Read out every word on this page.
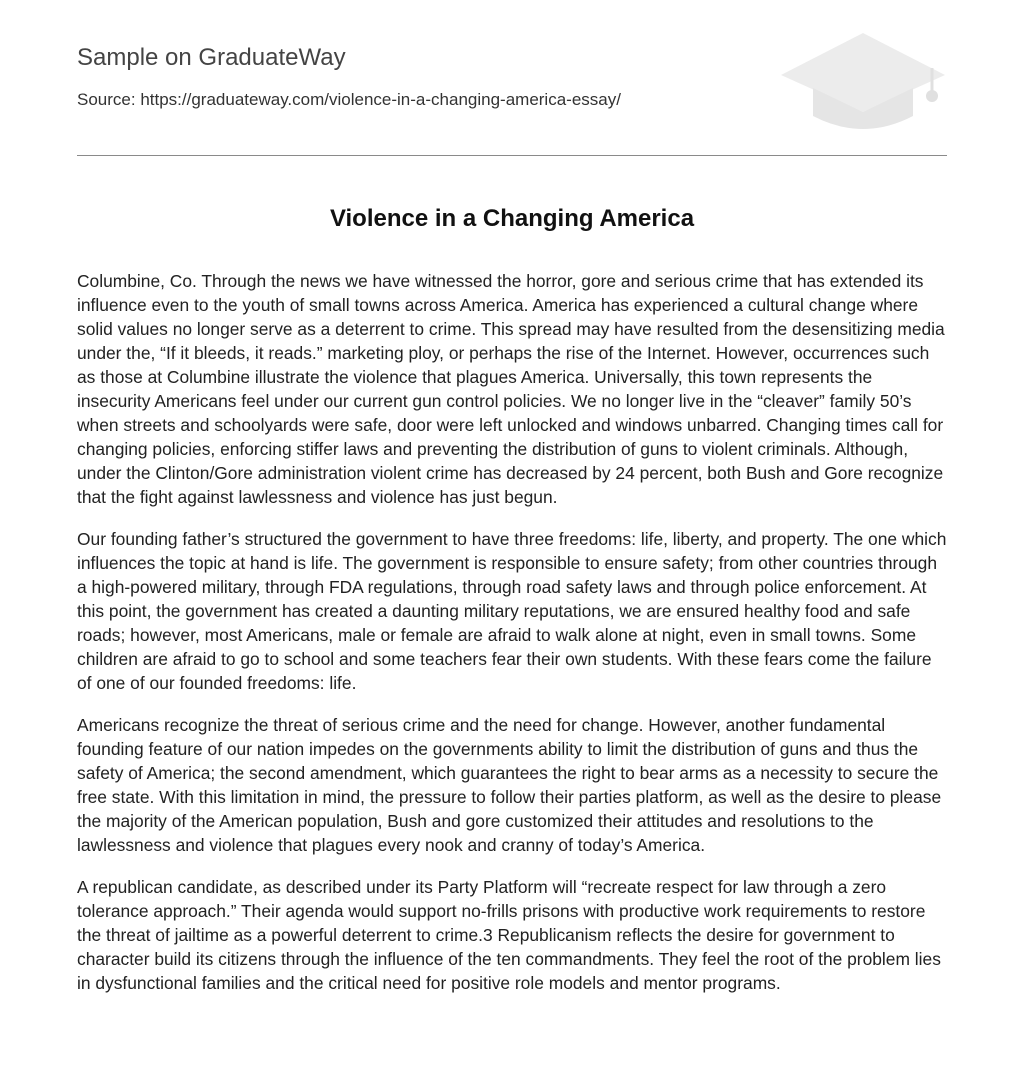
Sample on GraduateWay
Source: https://graduateway.com/violence-in-a-changing-america-essay/
Violence in a Changing America

Columbine, Co. Through the news we have witnessed the horror, gore and serious crime that has extended its influence even to the youth of small towns across America. America has experienced a cultural change where solid values no longer serve as a deterrent to crime. This spread may have resulted from the desensitizing media under the, “If it bleeds, it reads.” marketing ploy, or perhaps the rise of the Internet. However, occurrences such as those at Columbine illustrate the violence that plagues America. Universally, this town represents the insecurity Americans feel under our current gun control policies. We no longer live in the “cleaver” family 50’s when streets and schoolyards were safe, door were left unlocked and windows unbarred. Changing times call for changing policies, enforcing stiffer laws and preventing the distribution of guns to violent criminals. Although, under the Clinton/Gore administration violent crime has decreased by 24 percent, both Bush and Gore recognize that the fight against lawlessness and violence has just begun.

Our founding father’s structured the government to have three freedoms: life, liberty, and property. The one which influences the topic at hand is life. The government is responsible to ensure safety; from other countries through a high-powered military, through FDA regulations, through road safety laws and through police enforcement. At this point, the government has created a daunting military reputations, we are ensured healthy food and safe roads; however, most Americans, male or female are afraid to walk alone at night, even in small towns. Some children are afraid to go to school and some teachers fear their own students. With these fears come the failure of one of our founded freedoms: life.

Americans recognize the threat of serious crime and the need for change. However, another fundamental founding feature of our nation impedes on the governments ability to limit the distribution of guns and thus the safety of America; the second amendment, which guarantees the right to bear arms as a necessity to secure the free state. With this limitation in mind, the pressure to follow their parties platform, as well as the desire to please the majority of the American population, Bush and gore customized their attitudes and resolutions to the lawlessness and violence that plagues every nook and cranny of today’s America.

A republican candidate, as described under its Party Platform will “recreate respect for law through a zero tolerance approach.” Their agenda would support no-frills prisons with productive work requirements to restore the threat of jailtime as a powerful deterrent to crime.3 Republicanism reflects the desire for government to character build its citizens through the influence of the ten commandments. They feel the root of the problem lies in dysfunctional families and the critical need for positive role models and mentor programs.
